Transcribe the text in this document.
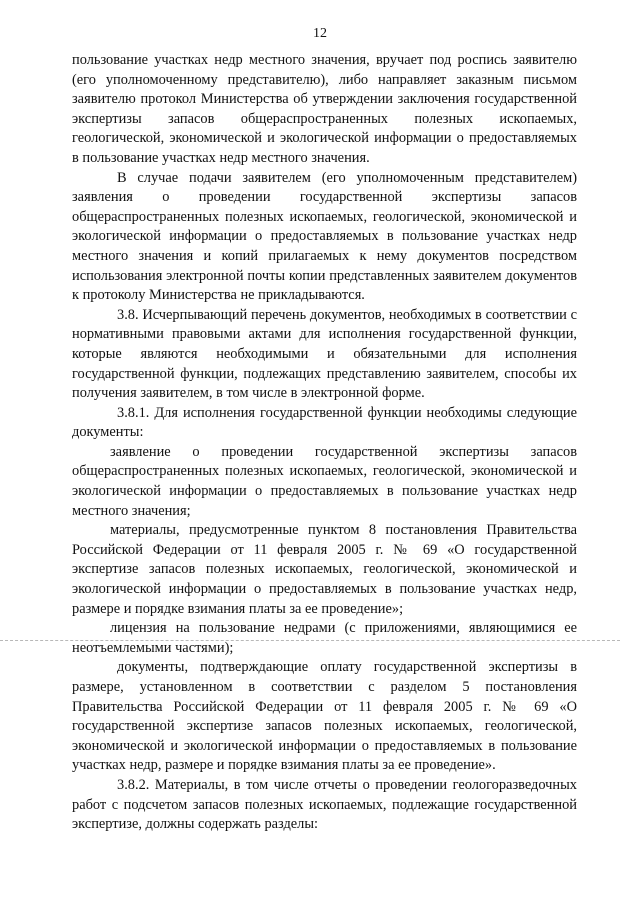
12

пользование участках недр местного значения, вручает под роспись заявителю (его уполномоченному представителю), либо направляет заказным письмом заявителю протокол Министерства об утверждении заключения государственной экспертизы запасов общераспространенных полезных ископаемых, геологической, экономической и экологической информации о предоставляемых в пользование участках недр местного значения.

В случае подачи заявителем (его уполномоченным представителем) заявления о проведении государственной экспертизы запасов общераспространенных полезных ископаемых, геологической, экономической и экологической информации о предоставляемых в пользование участках недр местного значения и копий прилагаемых к нему документов посредством использования электронной почты копии представленных заявителем документов к протоколу Министерства не прикладываются.

3.8. Исчерпывающий перечень документов, необходимых в соответствии с нормативными правовыми актами для исполнения государственной функции, которые являются необходимыми и обязательными для исполнения государственной функции, подлежащих представлению заявителем, способы их получения заявителем, в том числе в электронной форме.

3.8.1. Для исполнения государственной функции необходимы следующие документы:

заявление о проведении государственной экспертизы запасов общераспространенных полезных ископаемых, геологической, экономической и экологической информации о предоставляемых в пользование участках недр местного значения;

материалы, предусмотренные пунктом 8 постановления Правительства Российской Федерации от 11 февраля 2005 г. № 69 «О государственной экспертизе запасов полезных ископаемых, геологической, экономической и экологической информации о предоставляемых в пользование участках недр, размере и порядке взимания платы за ее проведение»;

лицензия на пользование недрами (с приложениями, являющимися ее неотъемлемыми частями);

документы, подтверждающие оплату государственной экспертизы в размере, установленном в соответствии с разделом 5 постановления Правительства Российской Федерации от 11 февраля 2005 г. № 69 «О государственной экспертизе запасов полезных ископаемых, геологической, экономической и экологической информации о предоставляемых в пользование участках недр, размере и порядке взимания платы за ее проведение».

3.8.2. Материалы, в том числе отчеты о проведении геологоразведочных работ с подсчетом запасов полезных ископаемых, подлежащие государственной экспертизе, должны содержать разделы:
